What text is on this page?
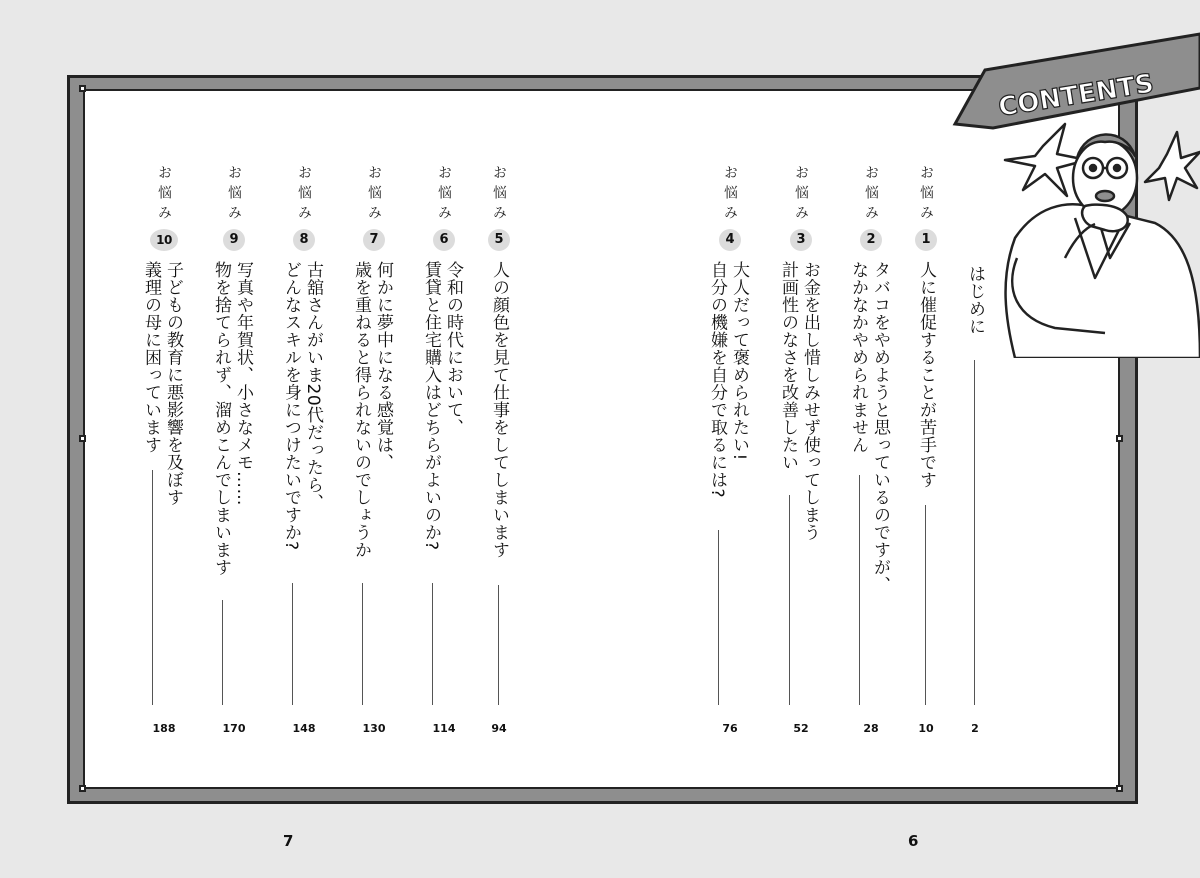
CONTENTS
はじめに
2
お悩み
1
人に催促することが苦手です
10
お悩み
2
タバコをやめようと思っているのですが、
なかなかやめられません
28
お悩み
3
お金を出し惜しみせず使ってしまう
計画性のなさを改善したい
52
お悩み
4
大人だって褒められたい!
自分の機嫌を自分で取るには?
76
お悩み
5
人の顔色を見て仕事をしてしまいます
94
お悩み
6
令和の時代において、
賃貸と住宅購入はどちらがよいのか?
114
お悩み
7
何かに夢中になる感覚は、
歳を重ねると得られないのでしょうか
130
お悩み
8
古舘さんがいま20代だったら、
どんなスキルを身につけたいですか?
148
お悩み
9
写真や年賀状、小さなメモ……
物を捨てられず、溜めこんでしまいます
170
お悩み
10
子どもの教育に悪影響を及ぼす
義理の母に困っています
188
7	6
